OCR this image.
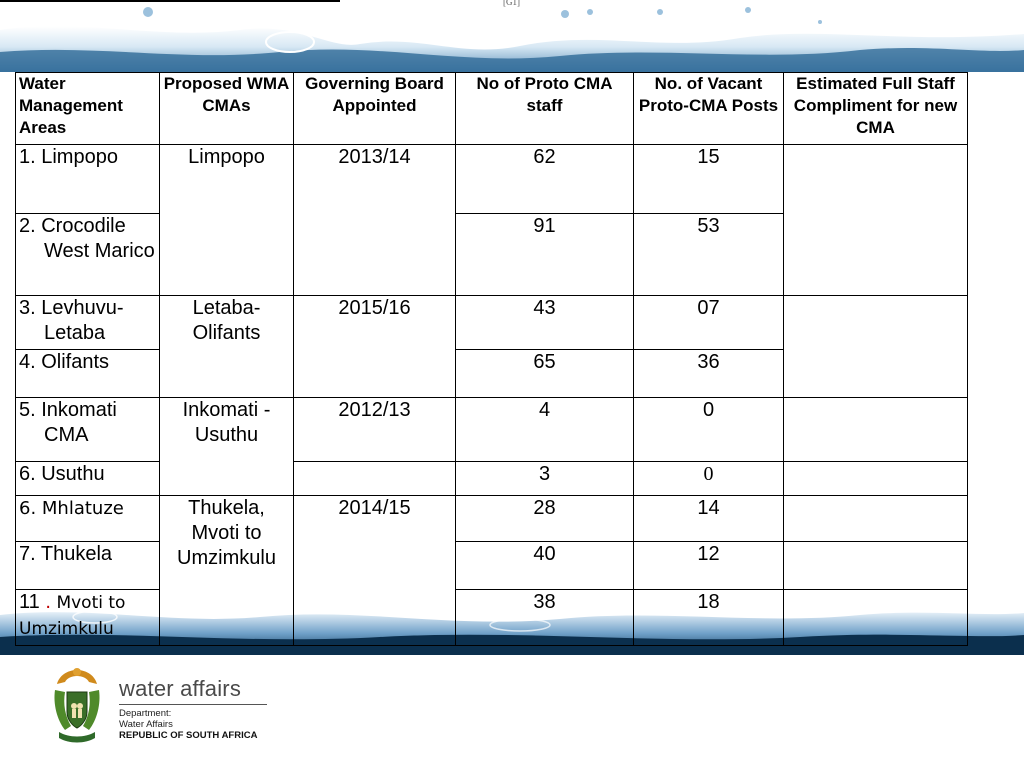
[G1]
Water Management Areas	Proposed WMA CMAs	Governing Board Appointed	No of Proto CMA staff	No. of Vacant Proto-CMA Posts	Estimated Full Staff Compliment for new CMA

1. Limpopo	Limpopo	2013/14	62	15	

2. Crocodile West Marico			91	53	

3. Levhuvu-Letaba	Letaba-Olifants	2015/16	43	07	

4. Olifants			65	36	

5. Inkomati CMA	Inkomati - Usuthu	2012/13	4	0	

6. Usuthu			3	0	
6. Mhlatuze	Thukela, Mvoti to Umzimkulu	2014/15	28	14	
7. Thukela			40	12	
11 . Mvoti to Umzimkulu			38	18	
water affairs
Department:
Water Affairs
REPUBLIC OF SOUTH AFRICA
